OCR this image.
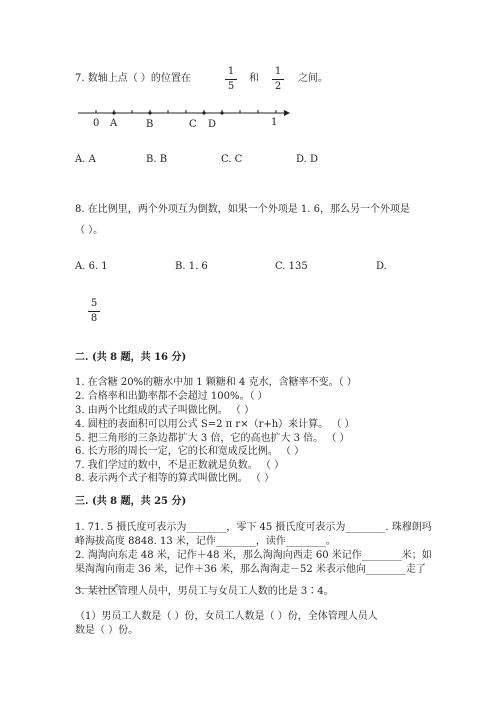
7. 数轴上点（ ）的位置在
1
5
和
1
2
之间。
0 A	B	C D	1
A. A	B. B	C. C	D. D
8. 在比例里，两个外项互为倒数，如果一个外项是 1. 6，那么另一个外项是
（ ）。
A. 6. 1	B. 1. 6	C. 135	D.
5
8
二. (共 8 题，共 16 分)
1. 在含糖 20%的糖水中加 1 颗糖和 4 克水，含糖率不变。（ ）
2. 合格率和出勤率都不会超过 100%。（ ）
3. 由两个比组成的式子叫做比例。 （ ）
4. 圆柱的表面积可以用公式 S=2 π r×（r+h）来计算。 （ ）
5. 把三角形的三条边都扩大 3 倍，它的高也扩大 3 倍。 （ ）
6. 长方形的周长一定，它的长和宽成反比例。 （ ）
7. 我们学过的数中，不是正数就是负数。 （ ）
8. 表示两个式子相等的算式叫做比例。 （ ）
三. (共 8 题，共 25 分)
1. 71. 5 摄氏度可表示为________，零下 45 摄氏度可表示为________. 珠穆朗玛
峰海拔高度 8848. 13 米，记作________，读作________。
2. 淘淘向东走 48 米，记作＋48 米，那么淘淘向西走 60 米记作________米；如
果淘淘向南走 36 米，记作＋36 米，那么淘淘走－52 米表示他向________走了
________。
3. 某社区管理人员中，男员工与女员工人数的比是 3∶4。
（1）男员工人数是（ ）份，女员工人数是（ ）份，全体管理人员人
数是（ ）份。
